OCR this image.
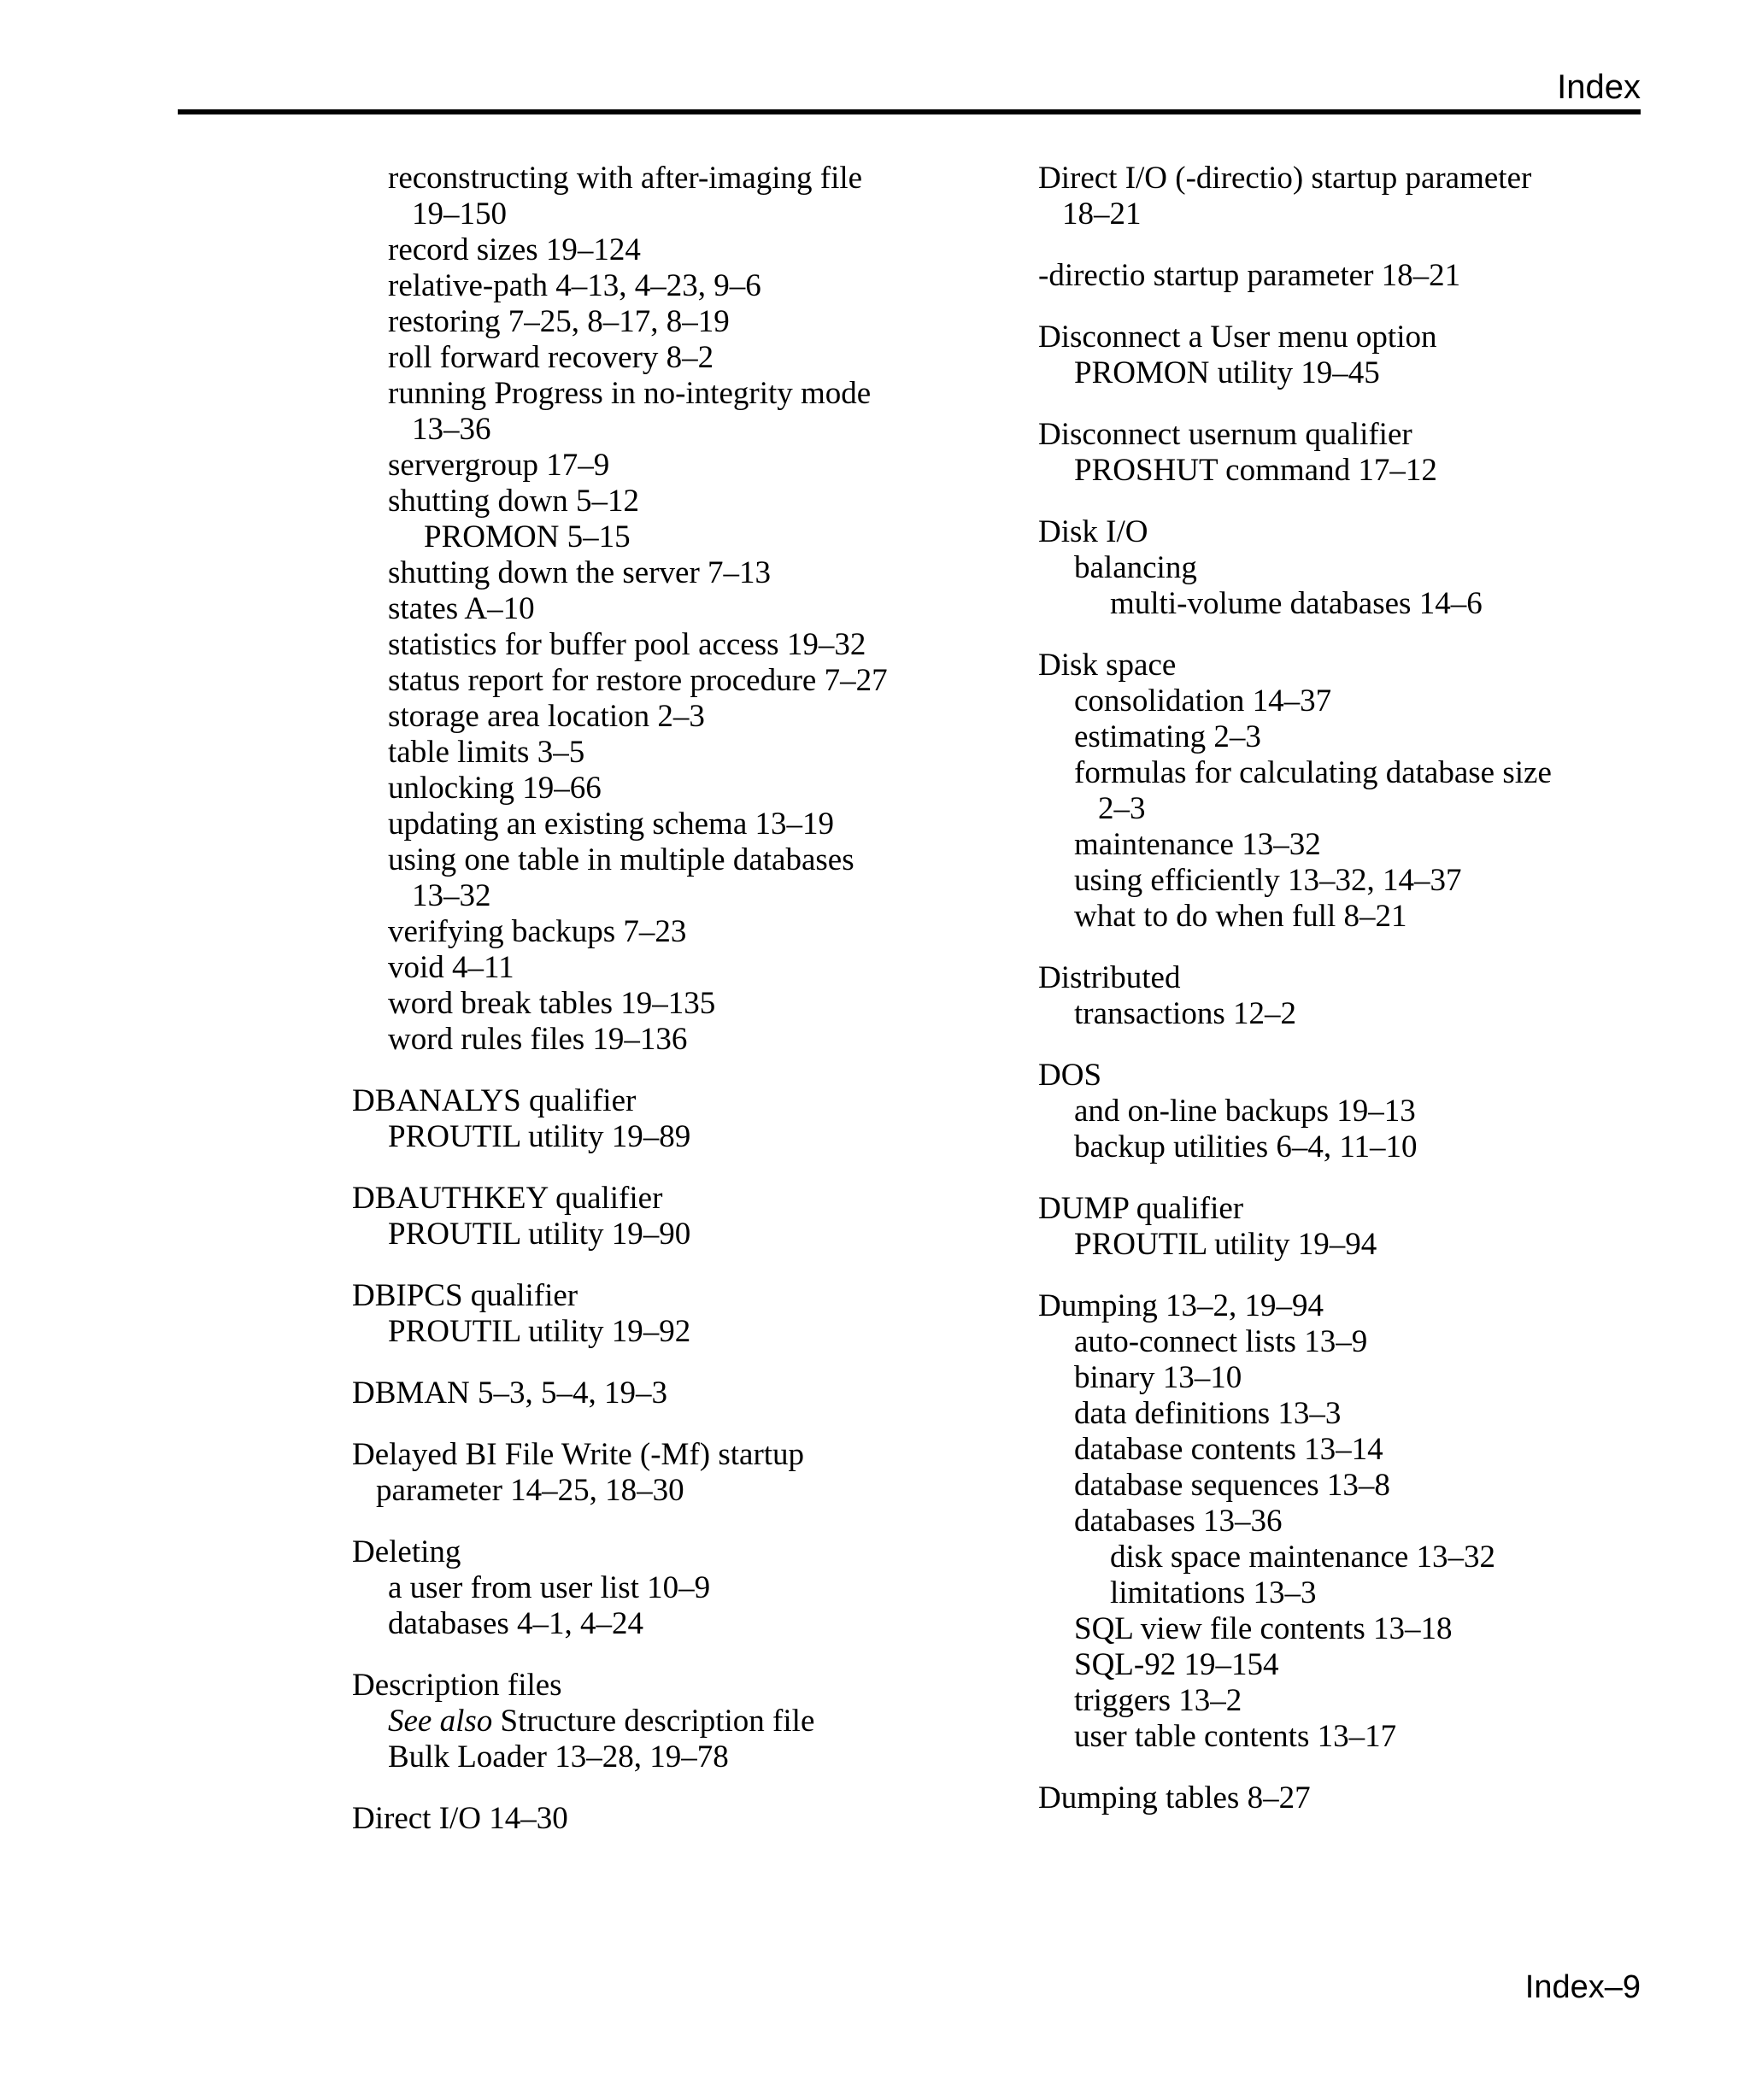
Index

reconstructing with after-imaging file

19–150

record sizes 19–124

relative-path 4–13, 4–23, 9–6

restoring 7–25, 8–17, 8–19

roll forward recovery 8–2

running Progress in no-integrity mode

13–36

servergroup 17–9

shutting down 5–12

PROMON 5–15

shutting down the server 7–13

states A–10

statistics for buffer pool access 19–32

status report for restore procedure 7–27

storage area location 2–3

table limits 3–5

unlocking 19–66

updating an existing schema 13–19

using one table in multiple databases

13–32

verifying backups 7–23

void 4–11

word break tables 19–135

word rules files 19–136

DBANALYS qualifier

PROUTIL utility 19–89

DBAUTHKEY qualifier

PROUTIL utility 19–90

DBIPCS qualifier

PROUTIL utility 19–92

DBMAN 5–3, 5–4, 19–3

Delayed BI File Write (-Mf) startup

parameter 14–25, 18–30

Deleting

a user from user list 10–9

databases 4–1, 4–24

Description files

See also Structure description file

Bulk Loader 13–28, 19–78

Direct I/O 14–30

Direct I/O (-directio) startup parameter

18–21

-directio startup parameter 18–21

Disconnect a User menu option

PROMON utility 19–45

Disconnect usernum qualifier

PROSHUT command 17–12

Disk I/O

balancing

multi-volume databases 14–6

Disk space

consolidation 14–37

estimating 2–3

formulas for calculating database size

2–3

maintenance 13–32

using efficiently 13–32, 14–37

what to do when full 8–21

Distributed

transactions 12–2

DOS

and on-line backups 19–13

backup utilities 6–4, 11–10

DUMP qualifier

PROUTIL utility 19–94

Dumping 13–2, 19–94

auto-connect lists 13–9

binary 13–10

data definitions 13–3

database contents 13–14

database sequences 13–8

databases 13–36

disk space maintenance 13–32

limitations 13–3

SQL view file contents 13–18

SQL-92 19–154

triggers 13–2

user table contents 13–17

Dumping tables 8–27

Index–9
